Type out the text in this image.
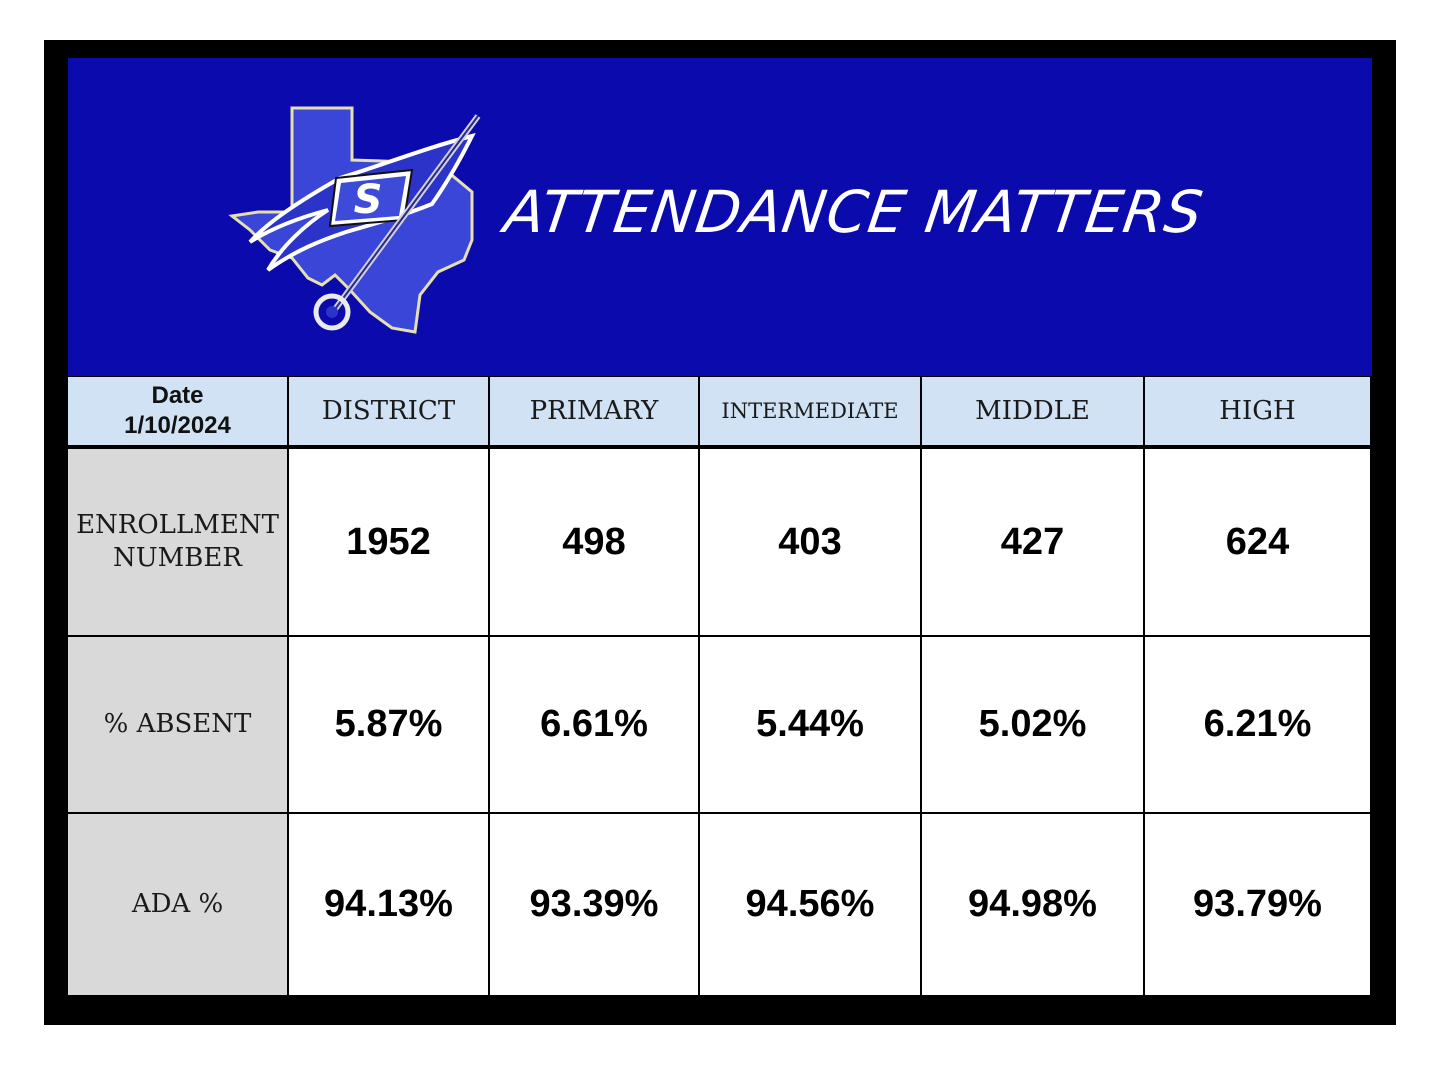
S ATTENDANCE MATTERS
Date
1/10/2024	DISTRICT	PRIMARY	INTERMEDIATE	MIDDLE	HIGH
ENROLLMENT
NUMBER	1952	498	403	427	624
% ABSENT	5.87%	6.61%	5.44%	5.02%	6.21%
ADA %	94.13%	93.39%	94.56%	94.98%	93.79%
